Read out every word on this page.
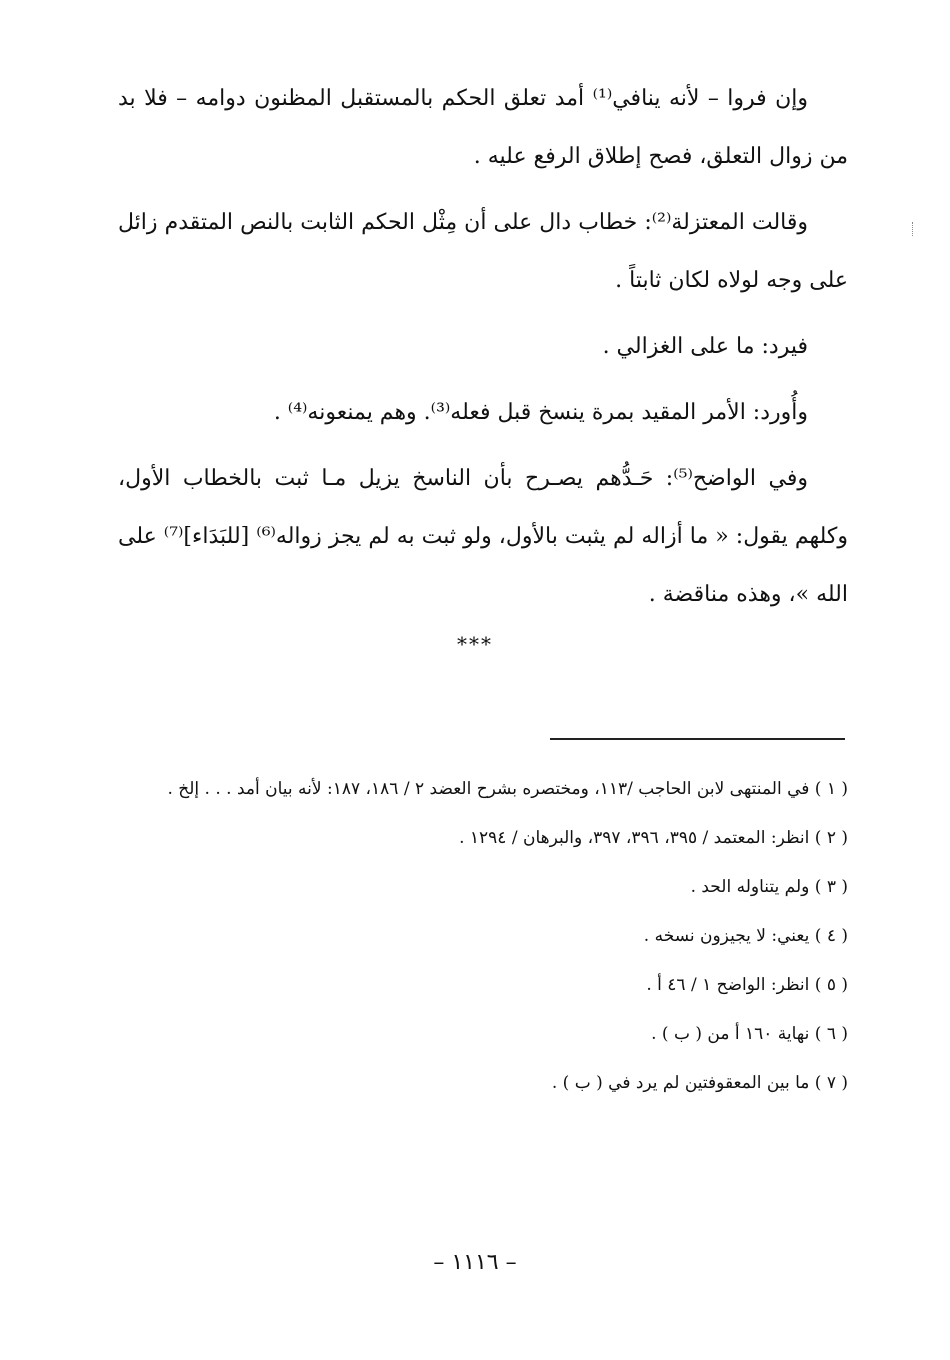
وإن فروا – لأنه ينافي⁽¹⁾ أمد تعلق الحكم بالمستقبل المظنون دوامه – فلا بد من زوال التعلق، فصح إطلاق الرفع عليه .

وقالت المعتزلة⁽²⁾: خطاب دال على أن مِثْل الحكم الثابت بالنص المتقدم زائل على وجه لولاه لكان ثابتاً .

فيرد: ما على الغزالي .

وأُورد: الأمر المقيد بمرة ينسخ قبل فعله⁽³⁾. وهم يمنعونه⁽⁴⁾ .

وفي الواضح⁽⁵⁾: حَـدُّهم يصـرح بأن الناسخ يزيل مـا ثبت بالخطاب الأول، وكلهم يقول: « ما أزاله لم يثبت بالأول، ولو ثبت به لم يجز زواله⁽⁶⁾ [للبَدَاء]⁽⁷⁾ على الله »، وهذه مناقضة .

***

( ١ ) في المنتهى لابن الحاجب /١١٣، ومختصره بشرح العضد ٢ / ١٨٦، ١٨٧: لأنه بيان أمد . . . إلخ .

( ٢ ) انظر: المعتمد / ٣٩٥، ٣٩٦، ٣٩٧، والبرهان / ١٢٩٤ .

( ٣ ) ولم يتناوله الحد .

( ٤ ) يعني: لا يجيزون نسخه .

( ٥ ) انظر: الواضح ١ / ٤٦ أ .

( ٦ ) نهاية ١٦٠ أ من ( ب ) .

( ٧ ) ما بين المعقوفتين لم يرد في ( ب ) .

– ١١١٦ –
